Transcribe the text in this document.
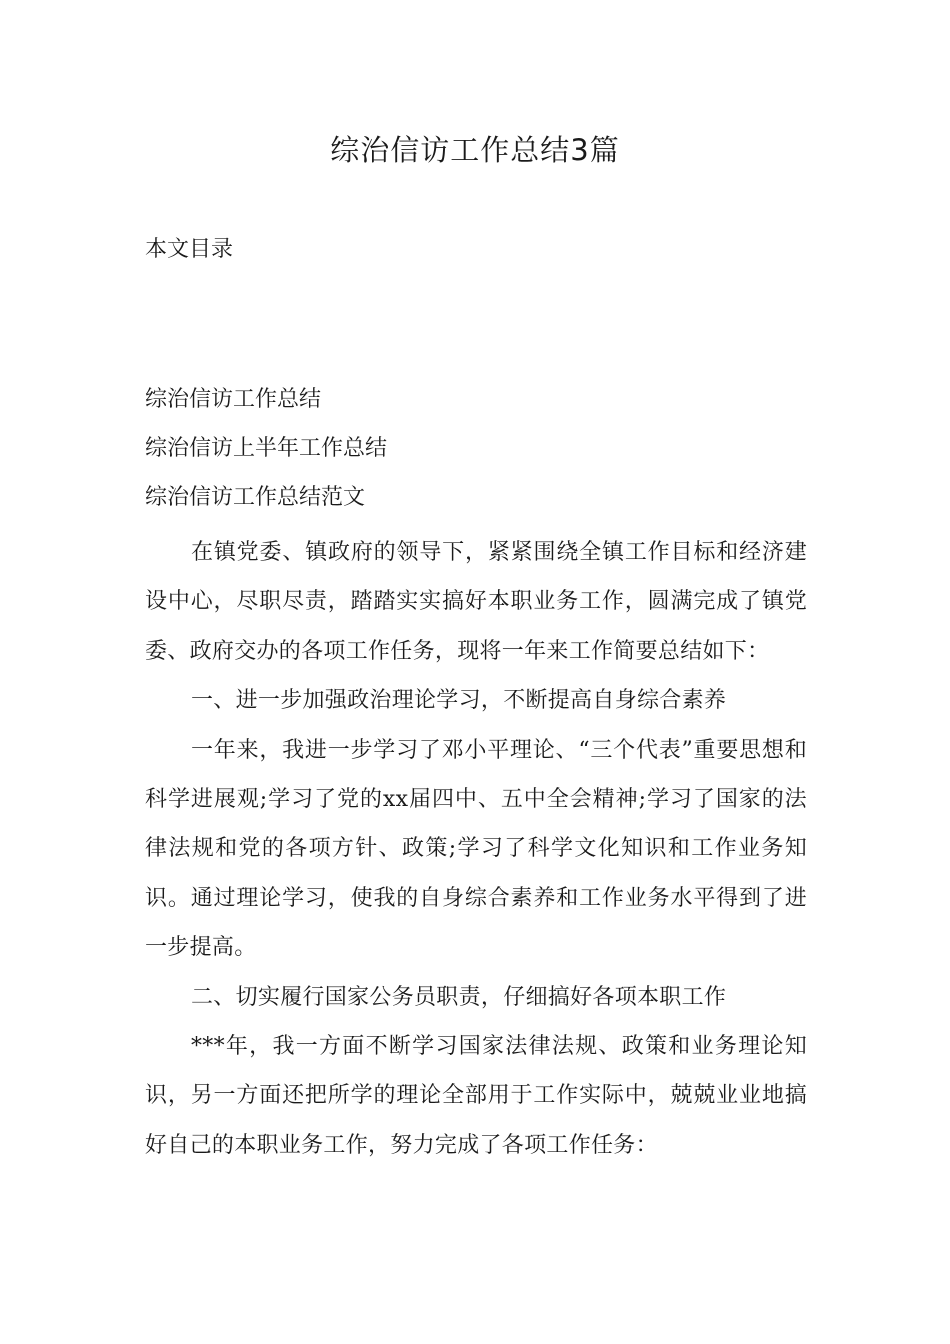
综治信访工作总结3篇
本文目录
综治信访工作总结
综治信访上半年工作总结
综治信访工作总结范文

在镇党委、镇政府的领导下，紧紧围绕全镇工作目标和经济建设中心，尽职尽责，踏踏实实搞好本职业务工作，圆满完成了镇党委、政府交办的各项工作任务，现将一年来工作简要总结如下：

一、进一步加强政治理论学习，不断提高自身综合素养

一年来，我进一步学习了邓小平理论、“三个代表”重要思想和科学进展观;学习了党的xx届四中、五中全会精神;学习了国家的法律法规和党的各项方针、政策;学习了科学文化知识和工作业务知识。通过理论学习，使我的自身综合素养和工作业务水平得到了进一步提高。

二、切实履行国家公务员职责，仔细搞好各项本职工作

***年，我一方面不断学习国家法律法规、政策和业务理论知识，另一方面还把所学的理论全部用于工作实际中，兢兢业业地搞好自己的本职业务工作，努力完成了各项工作任务：
